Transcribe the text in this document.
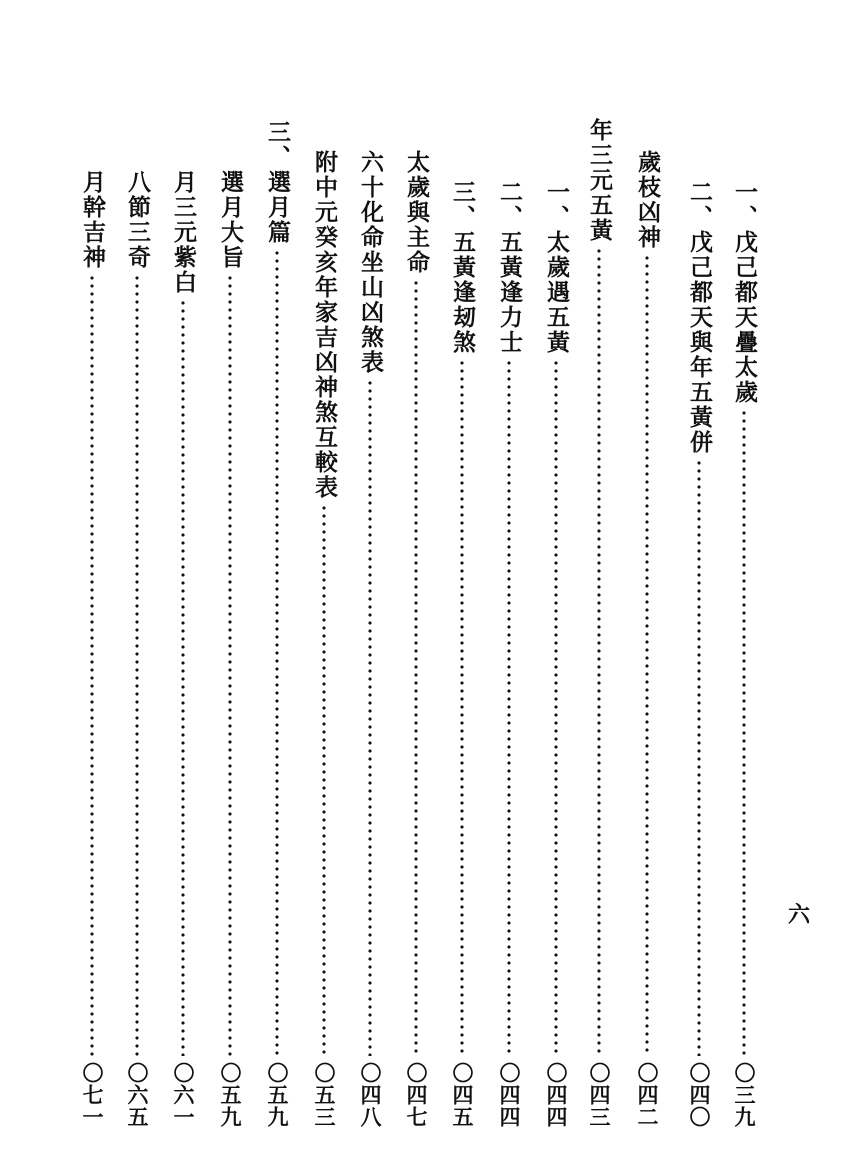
一、戊己都天疊太歲
〇三九
二、戊己都天與年五黃併
〇四〇
歲枝凶神
〇四二
年三元五黃
〇四三
一、太歲遇五黃
〇四四
二、五黃逢力士
〇四四
三、五黃逢刼煞
〇四五
太歲與主命
〇四七
六十化命坐山凶煞表
〇四八
附中元癸亥年家吉凶神煞互較表
〇五三
三、選月篇
〇五九
選月大旨
〇五九
月三元紫白
〇六一
八節三奇
〇六五
月幹吉神
〇七一
六
